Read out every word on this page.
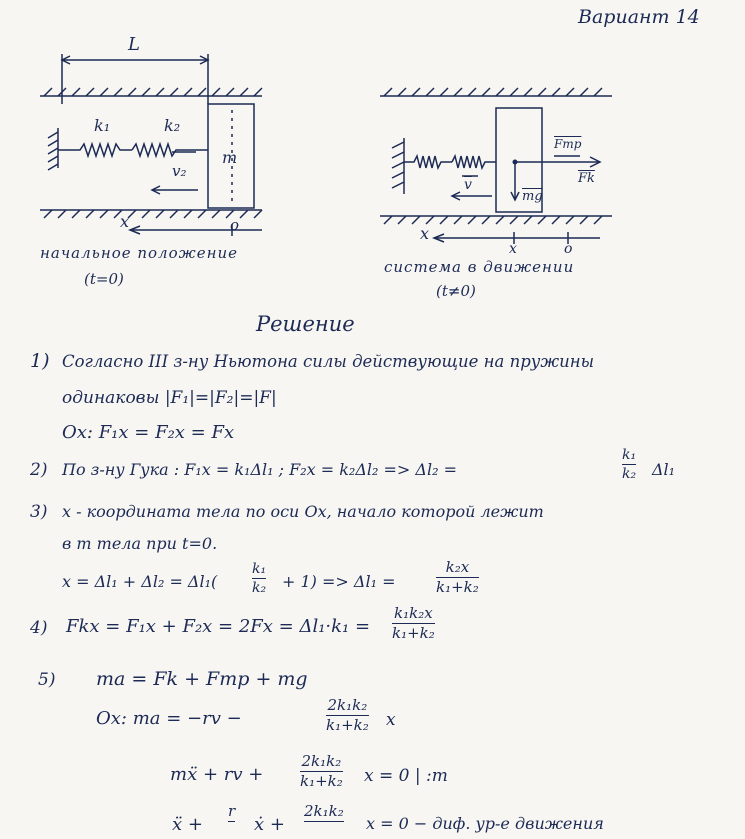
Вариант 14
L
k₁	k₂
m
v₂
x	o
начальное положение
(t=0)
Fтр
$\overline{Fk}$
$\overline{v}$
$\overline{mg}$
x
x	o
система в движении
(t≠0)
Решение
1) Согласно III з-ну Ньютона силы действующие на пружины
одинаковы |F₁|=|F₂|=|F|
Ox: F₁x = F₂x = Fx
2) По з-ну Гука : F₁x = k₁Δl₁ ; F₂x = k₂Δl₂ => Δl₂ =
k₁
k₂ Δl₁
3) x - координата тела по оси Ox, начало которой лежит
в m тела при t=0.
x = Δl₁ + Δl₂ = Δl₁(
k₁
k₂ + 1) => Δl₁ =
k₂x
k₁+k₂
4) Fkx = F₁x + F₂x = 2Fx = Δl₁·k₁ =
k₁k₂x
k₁+k₂
5) ma = Fk + Fтр + mg
Ox: ma = −rv −
2k₁k₂
k₁+k₂ x
mẍ + rv +
2k₁k₂
k₁+k₂ x = 0 | :m
ẍ +
r
ẋ +
2k₁k₂
x = 0 − диф. ур-е движения
